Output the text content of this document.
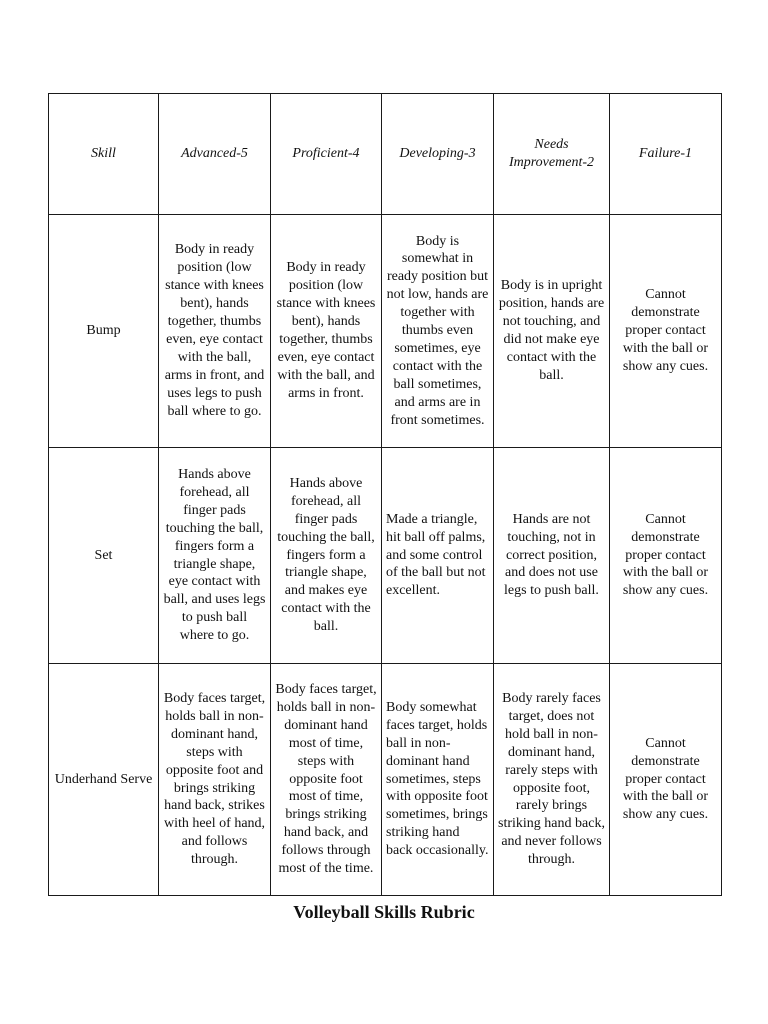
Skill	Advanced-5	Proficient-4	Developing-3	Needs Improvement-2	Failure-1
Bump	Body in ready position (low stance with knees bent), hands together, thumbs even, eye contact with the ball, arms in front, and uses legs to push ball where to go.	Body in ready position (low stance with knees bent), hands together, thumbs even, eye contact with the ball, and arms in front.	Body is somewhat in ready position but not low, hands are together with thumbs even sometimes, eye contact with the ball sometimes, and arms are in front sometimes.	Body is in upright position, hands are not touching, and did not make eye contact with the ball.	Cannot demonstrate proper contact with the ball or show any cues.
Set	Hands above forehead, all finger pads touching the ball, fingers form a triangle shape, eye contact with ball, and uses legs to push ball where to go.	Hands above forehead, all finger pads touching the ball, fingers form a triangle shape, and makes eye contact with the ball.	Made a triangle, hit ball off palms, and some control of the ball but not excellent.	Hands are not touching, not in correct position, and does not use legs to push ball.	Cannot demonstrate proper contact with the ball or show any cues.
Underhand Serve	Body faces target, holds ball in non-dominant hand, steps with opposite foot and brings striking hand back, strikes with heel of hand, and follows through.	Body faces target, holds ball in non-dominant hand most of time, steps with opposite foot most of time, brings striking hand back, and follows through most of the time.	Body somewhat faces target, holds ball in non-dominant hand sometimes, steps with opposite foot sometimes, brings striking hand back occasionally.	Body rarely faces target, does not hold ball in non-dominant hand, rarely steps with opposite foot, rarely brings striking hand back, and never follows through.	Cannot demonstrate proper contact with the ball or show any cues.
Volleyball Skills Rubric
